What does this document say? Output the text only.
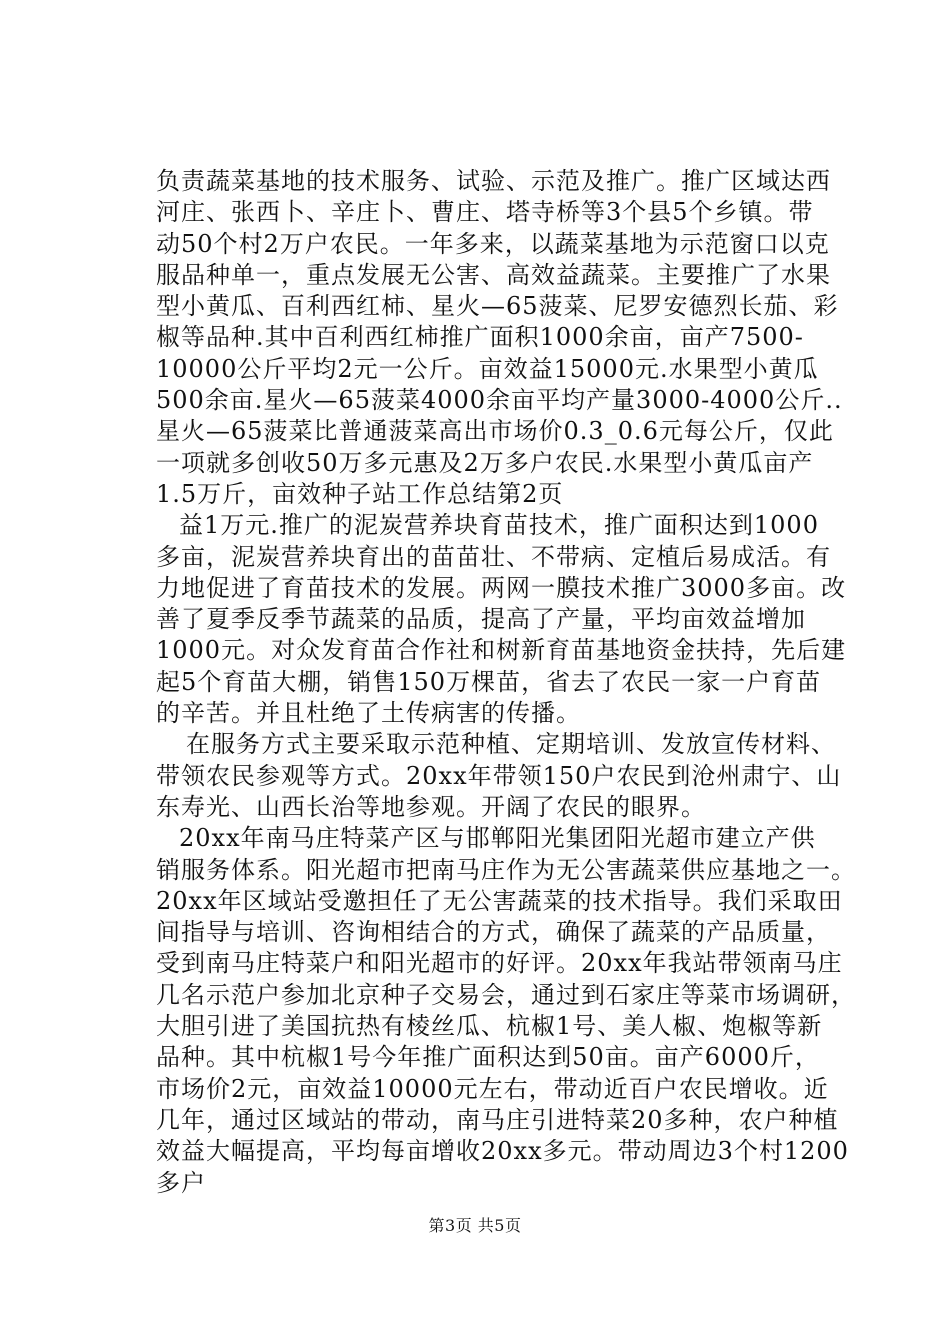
负责蔬菜基地的技术服务、试验、示范及推广。推广区域达西
河庄、张西卜、辛庄卜、曹庄、塔寺桥等3个县5个乡镇。带
动50个村2万户农民。一年多来，以蔬菜基地为示范窗口以克
服品种单一，重点发展无公害、高效益蔬菜。主要推广了水果
型小黄瓜、百利西红柿、星火—65菠菜、尼罗安德烈长茄、彩
椒等品种.其中百利西红柿推广面积1000余亩，亩产7500-
10000公斤平均2元一公斤。亩效益15000元.水果型小黄瓜
500余亩.星火—65菠菜4000余亩平均产量3000-4000公斤..
星火—65菠菜比普通菠菜高出市场价0.3_0.6元每公斤，仅此
一项就多创收50万多元惠及2万多户农民.水果型小黄瓜亩产
1.5万斤，亩效种子站工作总结第2页
益1万元.推广的泥炭营养块育苗技术，推广面积达到1000
多亩，泥炭营养块育出的苗苗壮、不带病、定植后易成活。有
力地促进了育苗技术的发展。两网一膜技术推广3000多亩。改
善了夏季反季节蔬菜的品质，提高了产量，平均亩效益增加
1000元。对众发育苗合作社和树新育苗基地资金扶持，先后建
起5个育苗大棚，销售150万棵苗，省去了农民一家一户育苗
的辛苦。并且杜绝了土传病害的传播。
在服务方式主要采取示范种植、定期培训、发放宣传材料、
带领农民参观等方式。20xx年带领150户农民到沧州肃宁、山
东寿光、山西长治等地参观。开阔了农民的眼界。
20xx年南马庄特菜产区与邯郸阳光集团阳光超市建立产供
销服务体系。阳光超市把南马庄作为无公害蔬菜供应基地之一。
20xx年区域站受邀担任了无公害蔬菜的技术指导。我们采取田
间指导与培训、咨询相结合的方式，确保了蔬菜的产品质量，
受到南马庄特菜户和阳光超市的好评。20xx年我站带领南马庄
几名示范户参加北京种子交易会，通过到石家庄等菜市场调研，
大胆引进了美国抗热有棱丝瓜、杭椒1号、美人椒、炮椒等新
品种。其中杭椒1号今年推广面积达到50亩。亩产6000斤，
市场价2元，亩效益10000元左右，带动近百户农民增收。近
几年，通过区域站的带动，南马庄引进特菜20多种，农户种植
效益大幅提高，平均每亩增收20xx多元。带动周边3个村1200
多户
第3页 共5页
